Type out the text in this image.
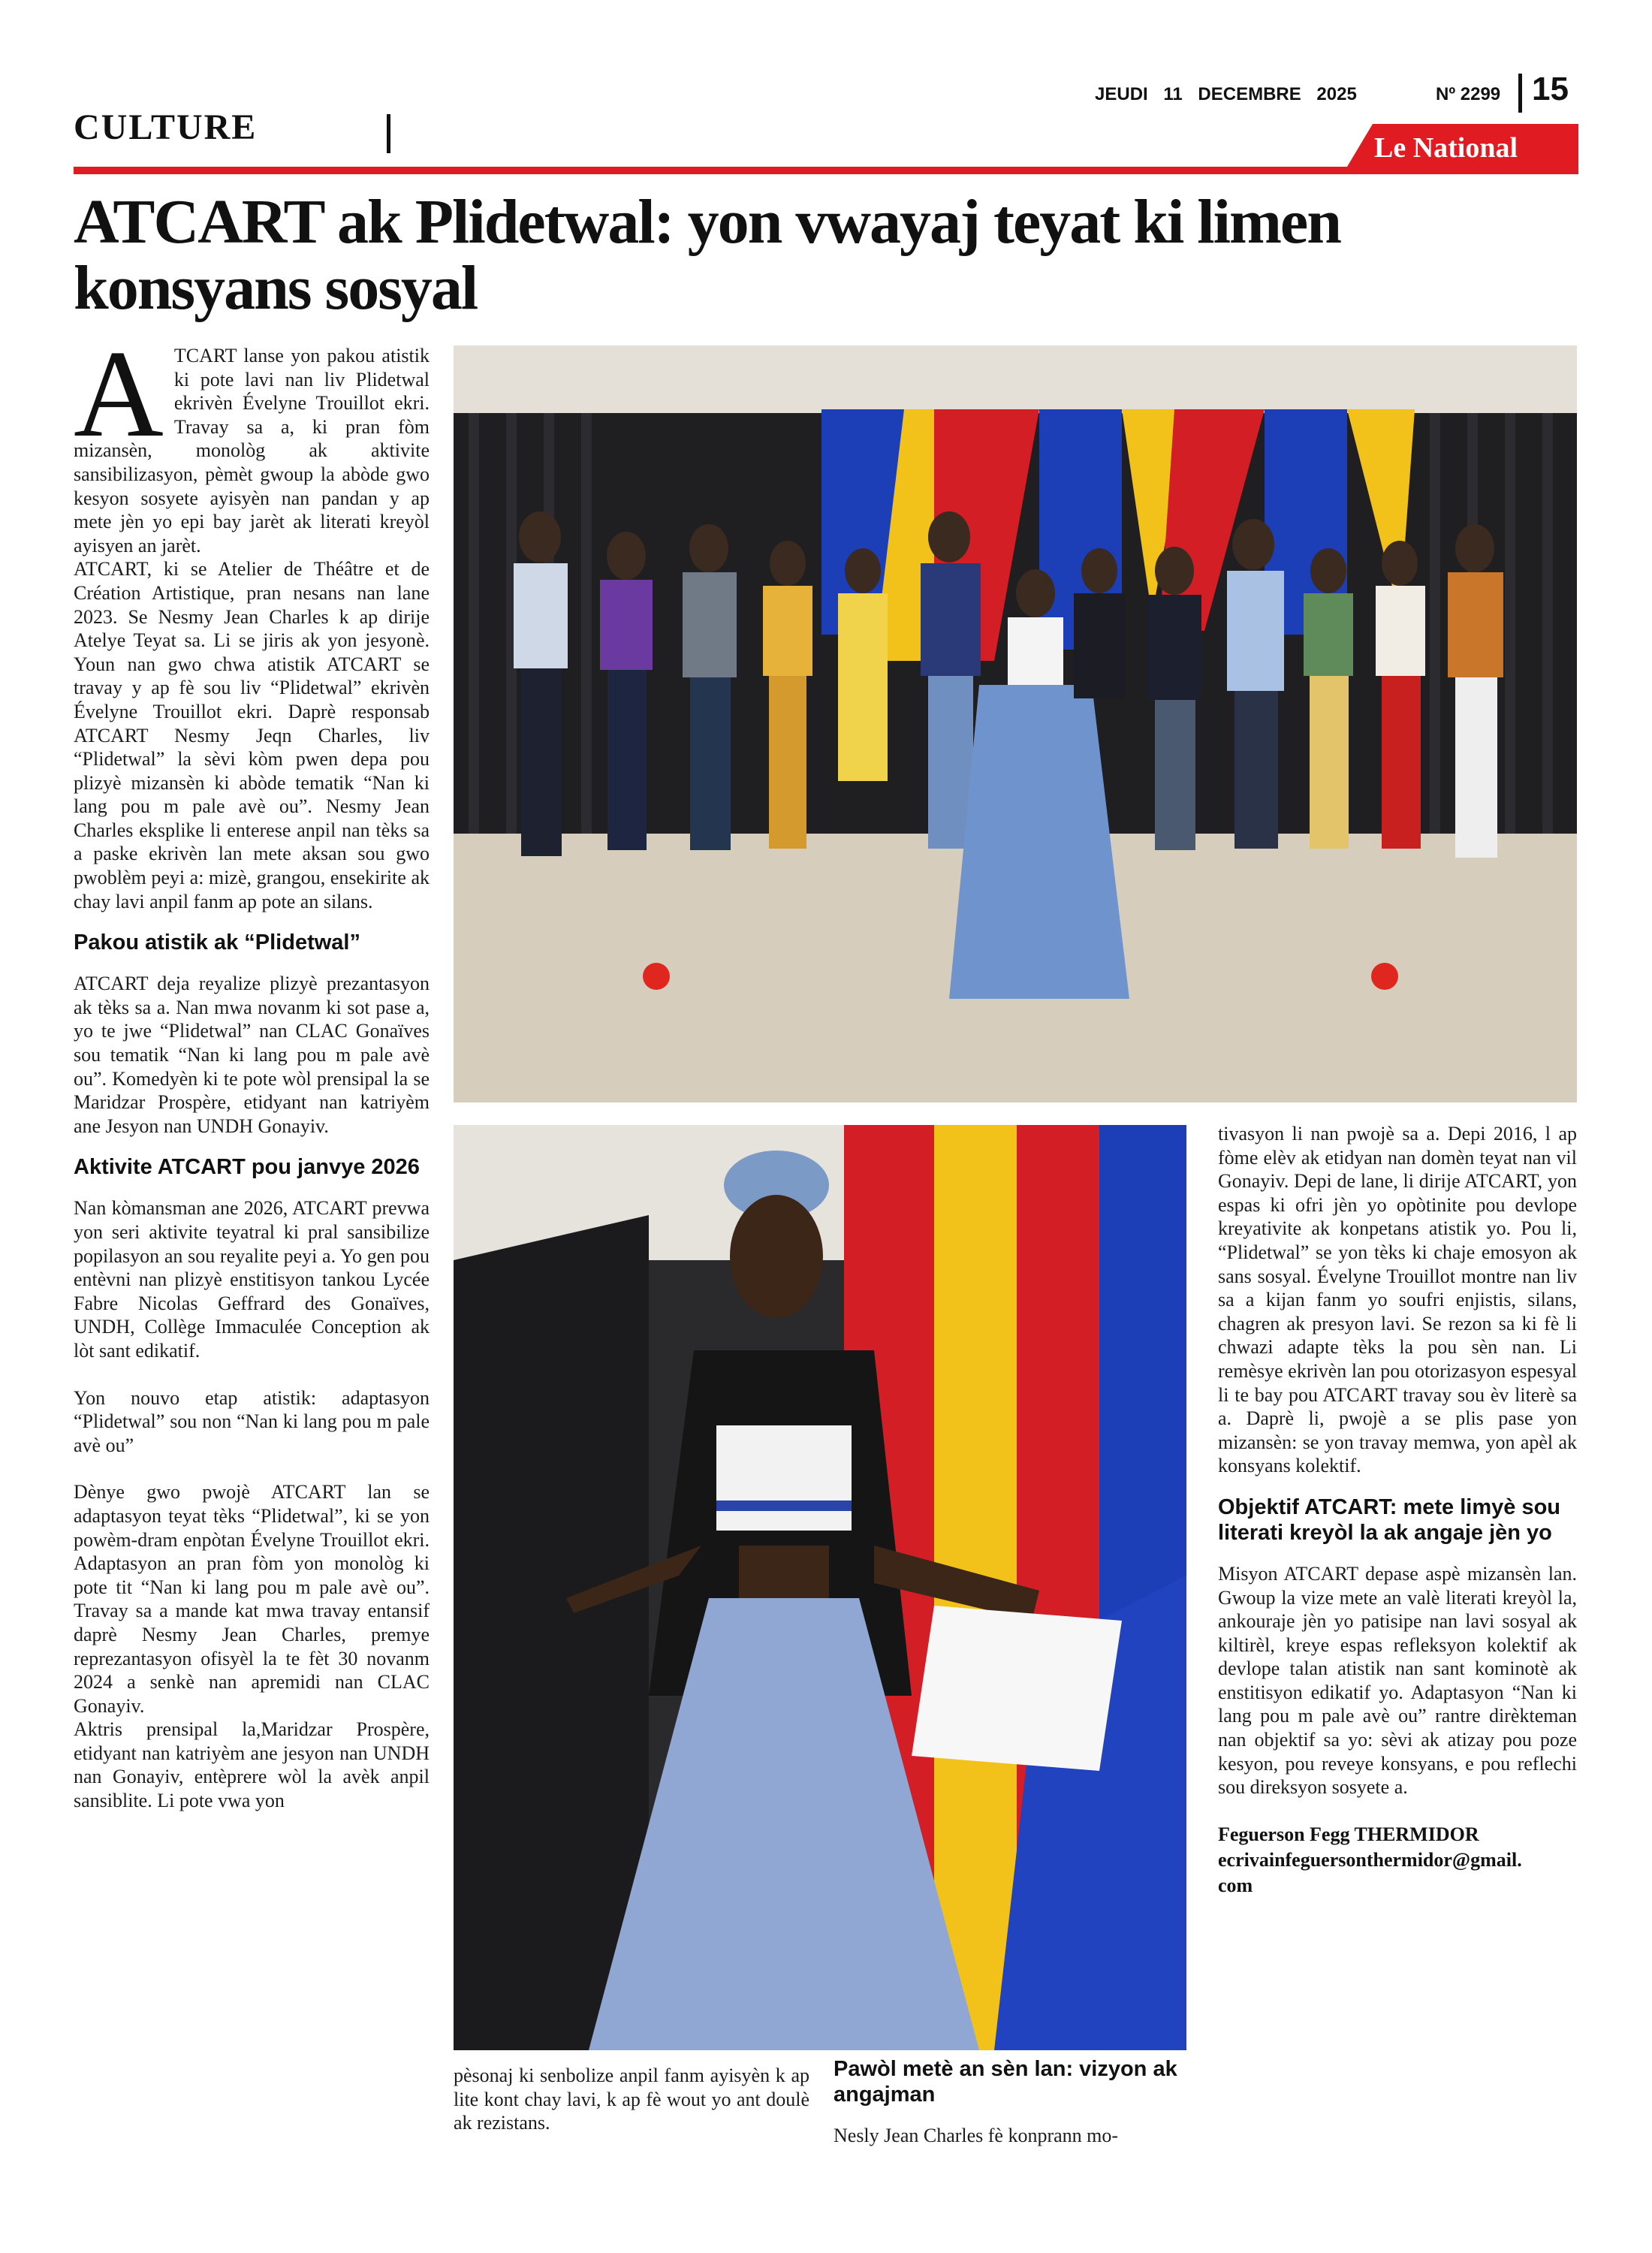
CULTURE
JEUDI 11 DECEMBRE 2025	Nº 2299 15
Le National
ATCART ak Plidetwal: yon vwayaj teyat ki limen konsyans sosyal

ATCART lanse yon pakou atistik ki pote lavi nan liv Plidetwal ekrivèn Évelyne Trouillot ekri. Travay sa a, ki pran fòm mizansèn, monològ ak aktivite sansibilizasyon, pèmèt gwoup la abòde gwo kesyon sosyete ayisyèn nan pandan y ap mete jèn yo epi bay jarèt ak literati kreyòl ayisyen an jarèt.

ATCART, ki se Atelier de Théâtre et de Création Artistique, pran nesans nan lane 2023. Se Nesmy Jean Charles k ap dirije Atelye Teyat sa. Li se jiris ak yon jesyonè. Youn nan gwo chwa atistik ATCART se travay y ap fè sou liv “Plidetwal” ekrivèn Évelyne Trouillot ekri. Daprè responsab ATCART Nesmy Jeqn Charles, liv “Plidetwal” la sèvi kòm pwen depa pou plizyè mizansèn ki abòde tematik “Nan ki lang pou m pale avè ou”. Nesmy Jean Charles eksplike li enterese anpil nan tèks sa a paske ekrivèn lan mete aksan sou gwo pwoblèm peyi a: mizè, grangou, ensekirite ak chay lavi anpil fanm ap pote an silans.

Pakou atistik ak “Plidetwal”

ATCART deja reyalize plizyè prezantasyon ak tèks sa a. Nan mwa novanm ki sot pase a, yo te jwe “Plidetwal” nan CLAC Gonaïves sou tematik “Nan ki lang pou m pale avè ou”. Komedyèn ki te pote wòl prensipal la se Maridzar Prospère, etidyant nan katriyèm ane Jesyon nan UNDH Gonayiv.

Aktivite ATCART pou janvye 2026

Nan kòmansman ane 2026, ATCART prevwa yon seri aktivite teyatral ki pral sansibilize popilasyon an sou reyalite peyi a. Yo gen pou entèvni nan plizyè enstitisyon tankou Lycée Fabre Nicolas Geffrard des Gonaïves, UNDH, Collège Immaculée Conception ak lòt sant edikatif.

Yon nouvo etap atistik: adaptasyon “Plidetwal” sou non “Nan ki lang pou m pale avè ou”

Dènye gwo pwojè ATCART lan se adaptasyon teyat tèks “Plidetwal”, ki se yon powèm-dram enpòtan Évelyne Trouillot ekri. Adaptasyon an pran fòm yon monològ ki pote tit “Nan ki lang pou m pale avè ou”. Travay sa a mande kat mwa travay entansif daprè Nesmy Jean Charles, premye reprezantasyon ofisyèl la te fèt 30 novanm 2024 a senkè nan apremidi nan CLAC Gonayiv.

Aktris prensipal la,Maridzar Prospère, etidyant nan katriyèm ane jesyon nan UNDH nan Gonayiv, entèprere wòl la avèk anpil sansiblite. Li pote vwa yon

pèsonaj ki senbolize anpil fanm ayisyèn k ap lite kont chay lavi, k ap fè wout yo ant doulè ak rezistans.

Pawòl metè an sèn lan: vizyon ak angajman

Nesly Jean Charles fè konprann mo-

tivasyon li nan pwojè sa a. Depi 2016, l ap fòme elèv ak etidyan nan domèn teyat nan vil Gonayiv. Depi de lane, li dirije ATCART, yon espas ki ofri jèn yo opòtinite pou devlope kreyativite ak konpetans atistik yo. Pou li, “Plidetwal” se yon tèks ki chaje emosyon ak sans sosyal. Évelyne Trouillot montre nan liv sa a kijan fanm yo soufri enjistis, silans, chagren ak presyon lavi. Se rezon sa ki fè li chwazi adapte tèks la pou sèn nan. Li remèsye ekrivèn lan pou otorizasyon espesyal li te bay pou ATCART travay sou èv literè sa a. Daprè li, pwojè a se plis pase yon mizansèn: se yon travay memwa, yon apèl ak konsyans kolektif.

Objektif ATCART: mete limyè sou literati kreyòl la ak angaje jèn yo

Misyon ATCART depase aspè mizansèn lan. Gwoup la vize mete an valè literati kreyòl la, ankouraje jèn yo patisipe nan lavi sosyal ak kiltirèl, kreye espas refleksyon kolektif ak devlope talan atistik nan sant kominotè ak enstitisyon edikatif yo. Adaptasyon “Nan ki lang pou m pale avè ou” rantre dirèkteman nan objektif sa yo: sèvi ak atizay pou poze kesyon, pou reveye konsyans, e pou reflechi sou direksyon sosyete a.

Feguerson Fegg THERMIDOR
ecrivainfeguersonthermidor@gmail.
com
